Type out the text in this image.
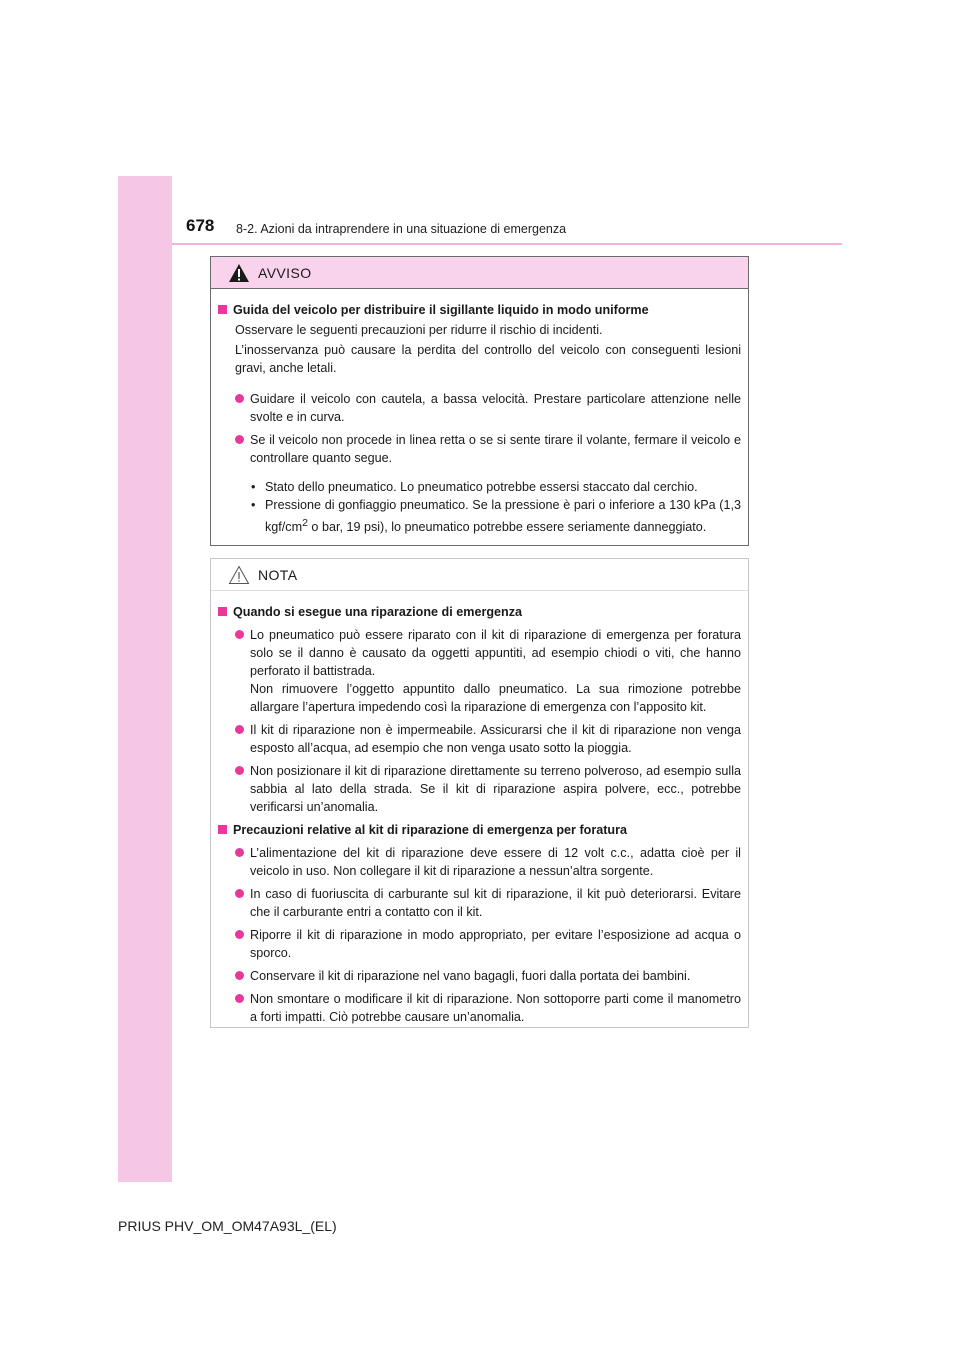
678 8-2. Azioni da intraprendere in una situazione di emergenza
AVVISO
Guida del veicolo per distribuire il sigillante liquido in modo uniforme
Osservare le seguenti precauzioni per ridurre il rischio di incidenti.
L’inosservanza può causare la perdita del controllo del veicolo con conseguenti lesioni gravi, anche letali.
Guidare il veicolo con cautela, a bassa velocità. Prestare particolare attenzione nelle svolte e in curva.
Se il veicolo non procede in linea retta o se si sente tirare il volante, fermare il veicolo e controllare quanto segue.
• Stato dello pneumatico. Lo pneumatico potrebbe essersi staccato dal cerchio.
• Pressione di gonfiaggio pneumatico. Se la pressione è pari o inferiore a 130 kPa (1,3 kgf/$cm^2$ o bar, 19 psi), lo pneumatico potrebbe essere seriamente danneggiato.
NOTA
Quando si esegue una riparazione di emergenza
Lo pneumatico può essere riparato con il kit di riparazione di emergenza per foratura solo se il danno è causato da oggetti appuntiti, ad esempio chiodi o viti, che hanno perforato il battistrada.
Non rimuovere l’oggetto appuntito dallo pneumatico. La sua rimozione potrebbe allargare l’apertura impedendo così la riparazione di emergenza con l’apposito kit.
Il kit di riparazione non è impermeabile. Assicurarsi che il kit di riparazione non venga esposto all’acqua, ad esempio che non venga usato sotto la pioggia.
Non posizionare il kit di riparazione direttamente su terreno polveroso, ad esempio sulla sabbia al lato della strada. Se il kit di riparazione aspira polvere, ecc., potrebbe verificarsi un’anomalia.
Precauzioni relative al kit di riparazione di emergenza per foratura
L’alimentazione del kit di riparazione deve essere di 12 volt c.c., adatta cioè per il veicolo in uso. Non collegare il kit di riparazione a nessun’altra sorgente.
In caso di fuoriuscita di carburante sul kit di riparazione, il kit può deteriorarsi. Evitare che il carburante entri a contatto con il kit.
Riporre il kit di riparazione in modo appropriato, per evitare l’esposizione ad acqua o sporco.
Conservare il kit di riparazione nel vano bagagli, fuori dalla portata dei bambini.
Non smontare o modificare il kit di riparazione. Non sottoporre parti come il manometro a forti impatti. Ciò potrebbe causare un’anomalia.
PRIUS PHV_OM_OM47A93L_(EL)
